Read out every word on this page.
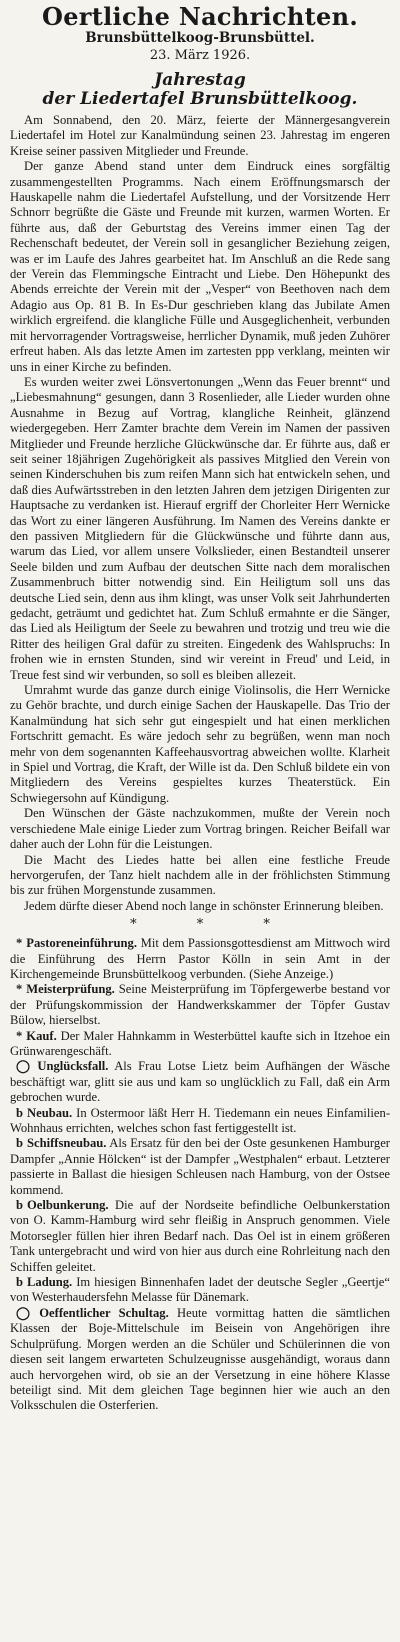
Oertliche Nachrichten.

Brunsbüttelkoog-Brunsbüttel.

23. März 1926.

Jahrestag

der Liedertafel Brunsbüttelkoog.

Am Sonnabend, den 20. März, feierte der Männergesangverein Liedertafel im Hotel zur Kanalmündung seinen 23. Jahrestag im engeren Kreise seiner passiven Mitglieder und Freunde.

Der ganze Abend stand unter dem Eindruck eines sorgfältig zusammengestellten Programms. Nach einem Eröffnungsmarsch der Hauskapelle nahm die Liedertafel Aufstellung, und der Vorsitzende Herr Schnorr begrüßte die Gäste und Freunde mit kurzen, warmen Worten. Er führte aus, daß der Geburtstag des Vereins immer einen Tag der Rechenschaft bedeutet, der Verein soll in gesanglicher Beziehung zeigen, was er im Laufe des Jahres gearbeitet hat. Im Anschluß an die Rede sang der Verein das Flemmingsche Eintracht und Liebe. Den Höhepunkt des Abends erreichte der Verein mit der „Vesper“ von Beethoven nach dem Adagio aus Op. 81 B. In Es-Dur geschrieben klang das Jubilate Amen wirklich ergreifend. die klangliche Fülle und Ausgeglichenheit, verbunden mit hervorragender Vortragsweise, herrlicher Dynamik, muß jeden Zuhörer erfreut haben. Als das letzte Amen im zartesten ppp verklang, meinten wir uns in einer Kirche zu befinden.

Es wurden weiter zwei Lönsvertonungen „Wenn das Feuer brennt“ und „Liebesmahnung“ gesungen, dann 3 Rosenlieder, alle Lieder wurden ohne Ausnahme in Bezug auf Vortrag, klangliche Reinheit, glänzend wiedergegeben. Herr Zamter brachte dem Verein im Namen der passiven Mitglieder und Freunde herzliche Glückwünsche dar. Er führte aus, daß er seit seiner 18jährigen Zugehörigkeit als passives Mitglied den Verein von seinen Kinderschuhen bis zum reifen Mann sich hat entwickeln sehen, und daß dies Aufwärtsstreben in den letzten Jahren dem jetzigen Dirigenten zur Hauptsache zu verdanken ist. Hierauf ergriff der Chorleiter Herr Wernicke das Wort zu einer längeren Ausführung. Im Namen des Vereins dankte er den passiven Mitgliedern für die Glückwünsche und führte dann aus, warum das Lied, vor allem unsere Volkslieder, einen Bestandteil unserer Seele bilden und zum Aufbau der deutschen Sitte nach dem moralischen Zusammenbruch bitter notwendig sind. Ein Heiligtum soll uns das deutsche Lied sein, denn aus ihm klingt, was unser Volk seit Jahrhunderten gedacht, geträumt und gedichtet hat. Zum Schluß ermahnte er die Sänger, das Lied als Heiligtum der Seele zu bewahren und trotzig und treu wie die Ritter des heiligen Gral dafür zu streiten. Eingedenk des Wahlspruchs: In frohen wie in ernsten Stunden, sind wir vereint in Freud' und Leid, in Treue fest sind wir verbunden, so soll es bleiben allezeit.

Umrahmt wurde das ganze durch einige Violinsolis, die Herr Wernicke zu Gehör brachte, und durch einige Sachen der Hauskapelle. Das Trio der Kanalmündung hat sich sehr gut eingespielt und hat einen merklichen Fortschritt gemacht. Es wäre jedoch sehr zu begrüßen, wenn man noch mehr von dem sogenannten Kaffeehausvortrag abweichen wollte. Klarheit in Spiel und Vortrag, die Kraft, der Wille ist da. Den Schluß bildete ein von Mitgliedern des Vereins gespieltes kurzes Theaterstück. Ein Schwiegersohn auf Kündigung.

Den Wünschen der Gäste nachzukommen, mußte der Verein noch verschiedene Male einige Lieder zum Vortrag bringen. Reicher Beifall war daher auch der Lohn für die Leistungen.

Die Macht des Liedes hatte bei allen eine festliche Freude hervorgerufen, der Tanz hielt nachdem alle in der fröhlichsten Stimmung bis zur frühen Morgenstunde zusammen.

Jedem dürfte dieser Abend noch lange in schönster Erinnerung bleiben.

* * *

* Pastoreneinführung. Mit dem Passionsgottesdienst am Mittwoch wird die Einführung des Herrn Pastor Kölln in sein Amt in der Kirchengemeinde Brunsbüttelkoog verbunden. (Siehe Anzeige.)

* Meisterprüfung. Seine Meisterprüfung im Töpfergewerbe bestand vor der Prüfungskommission der Handwerkskammer der Töpfer Gustav Bülow, hierselbst.

* Kauf. Der Maler Hahnkamm in Westerbüttel kaufte sich in Itzehoe ein Grünwarengeschäft.

◯ Unglücksfall. Als Frau Lotse Lietz beim Aufhängen der Wäsche beschäftigt war, glitt sie aus und kam so unglücklich zu Fall, daß ein Arm gebrochen wurde.

b Neubau. In Ostermoor läßt Herr H. Tiedemann ein neues Einfamilien-Wohnhaus errichten, welches schon fast fertiggestellt ist.

b Schiffsneubau. Als Ersatz für den bei der Oste gesunkenen Hamburger Dampfer „Annie Hölcken“ ist der Dampfer „Westphalen“ erbaut. Letzterer passierte in Ballast die hiesigen Schleusen nach Hamburg, von der Ostsee kommend.

b Oelbunkerung. Die auf der Nordseite befindliche Oelbunkerstation von O. Kamm-Hamburg wird sehr fleißig in Anspruch genommen. Viele Motorsegler füllen hier ihren Bedarf nach. Das Oel ist in einem größeren Tank untergebracht und wird von hier aus durch eine Rohrleitung nach den Schiffen geleitet.

b Ladung. Im hiesigen Binnenhafen ladet der deutsche Segler „Geertje“ von Westerhaudersfehn Melasse für Dänemark.

◯ Oeffentlicher Schultag. Heute vormittag hatten die sämtlichen Klassen der Boje-Mittelschule im Beisein von Angehörigen ihre Schulprüfung. Morgen werden an die Schüler und Schülerinnen die von diesen seit langem erwarteten Schulzeugnisse ausgehändigt, woraus dann auch hervorgehen wird, ob sie an der Versetzung in eine höhere Klasse beteiligt sind. Mit dem gleichen Tage beginnen hier wie auch an den Volksschulen die Osterferien.
